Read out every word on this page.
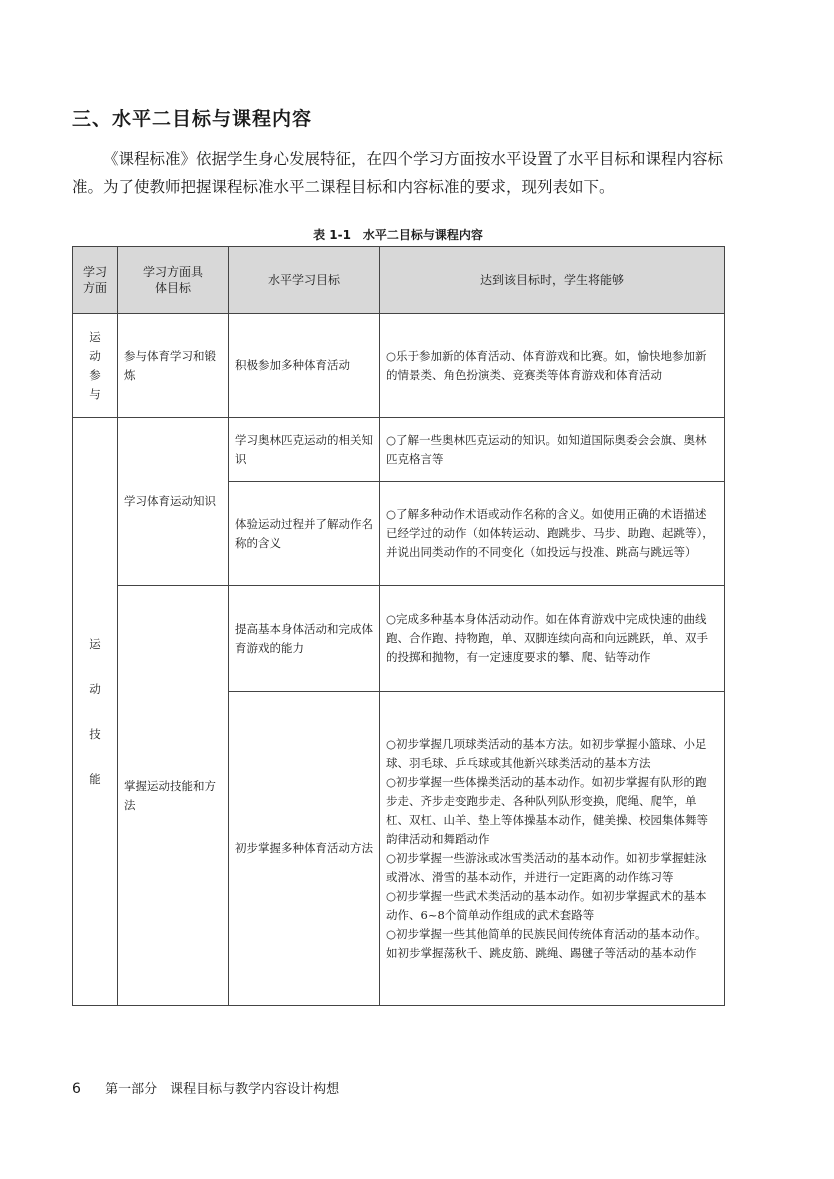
三、水平二目标与课程内容

《课程标准》依据学生身心发展特征，在四个学习方面按水平设置了水平目标和课程内容标准。为了使教师把握课程标准水平二课程目标和内容标准的要求，现列表如下。

表 1-1　水平二目标与课程内容
学习方面	学习方面具体目标	水平学习目标	达到该目标时，学生将能够

运
动
参
与	参与体育学习和锻炼	积极参加多种体育活动	○乐于参加新的体育活动、体育游戏和比赛。如，愉快地参加新的情景类、角色扮演类、竞赛类等体育游戏和体育活动

运
动
技
能	学习体育运动知识	学习奥林匹克运动的相关知识	○了解一些奥林匹克运动的知识。如知道国际奥委会会旗、奥林匹克格言等

		体验运动过程并了解动作名称的含义	○了解多种动作术语或动作名称的含义。如使用正确的术语描述已经学过的动作（如体转运动、跑跳步、马步、助跑、起跳等），并说出同类动作的不同变化（如投远与投准、跳高与跳远等）

	掌握运动技能和方法	提高基本身体活动和完成体育游戏的能力	○完成多种基本身体活动动作。如在体育游戏中完成快速的曲线跑、合作跑、持物跑，单、双脚连续向高和向远跳跃，单、双手的投掷和抛物，有一定速度要求的攀、爬、钻等动作

		初步掌握多种体育活动方法	○初步掌握几项球类活动的基本方法。如初步掌握小篮球、小足球、羽毛球、乒乓球或其他新兴球类活动的基本方法

○初步掌握一些体操类活动的基本动作。如初步掌握有队形的跑步走、齐步走变跑步走、各种队列队形变换，爬绳、爬竿，单杠、双杠、山羊、垫上等体操基本动作，健美操、校园集体舞等韵律活动和舞蹈动作

○初步掌握一些游泳或冰雪类活动的基本动作。如初步掌握蛙泳或滑冰、滑雪的基本动作，并进行一定距离的动作练习等

○初步掌握一些武术类活动的基本动作。如初步掌握武术的基本动作、6~8个简单动作组成的武术套路等

○初步掌握一些其他简单的民族民间传统体育活动的基本动作。如初步掌握荡秋千、跳皮筋、跳绳、踢毽子等活动的基本动作

6 第一部分　课程目标与教学内容设计构想
